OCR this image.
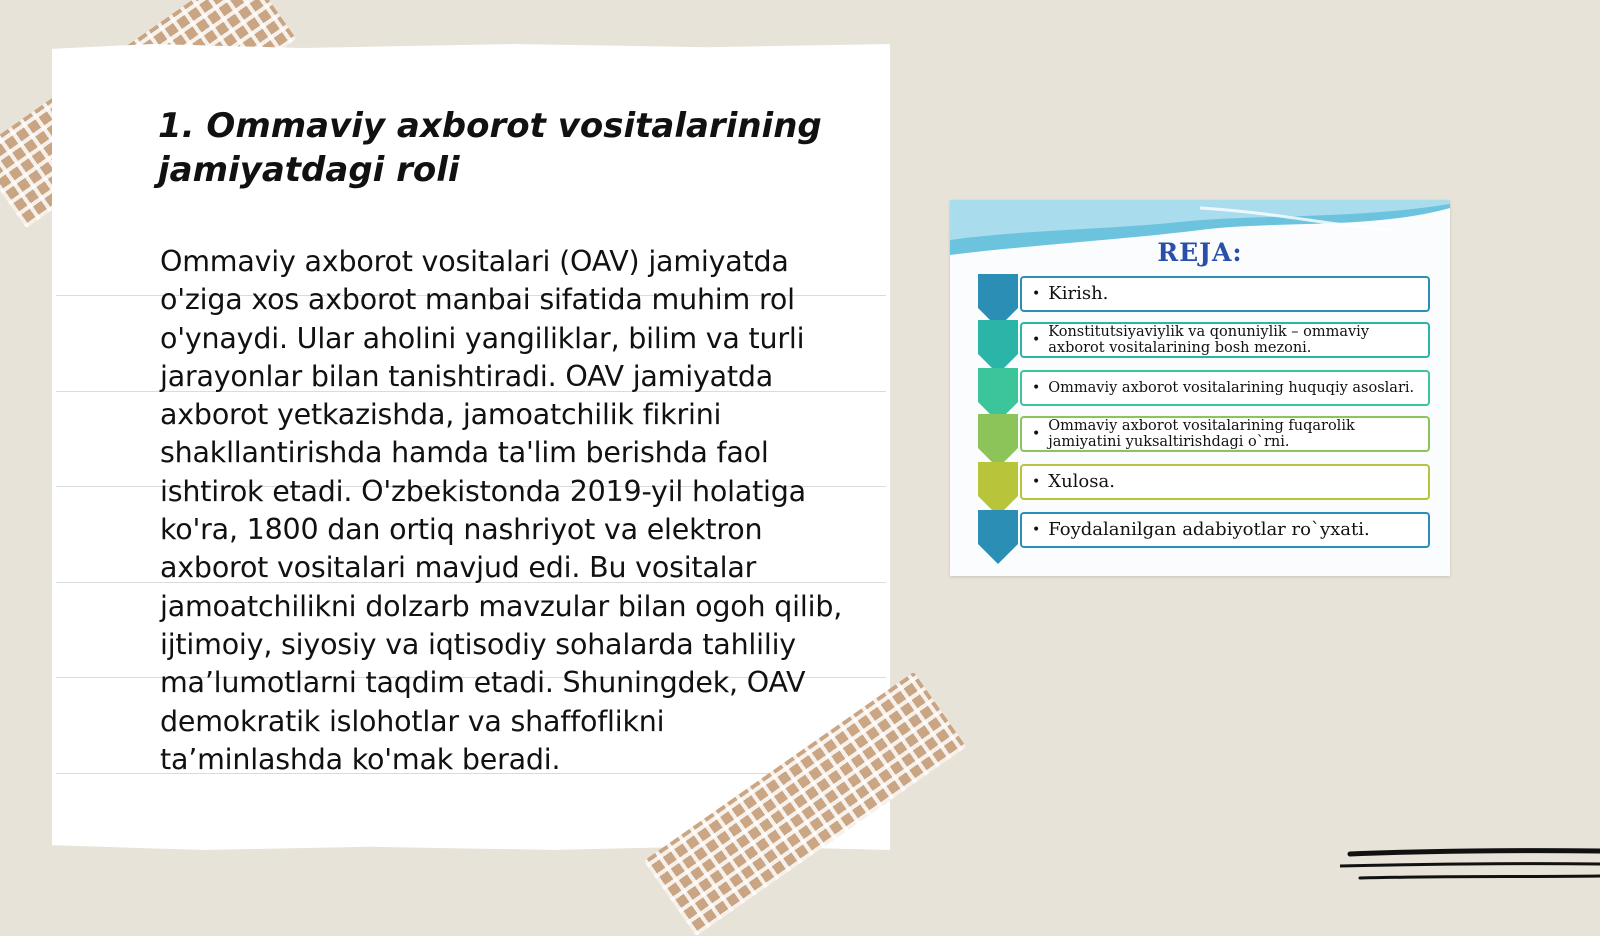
1. Ommaviy axborot vositalarining jamiyatdagi roli

Ommaviy axborot vositalari (OAV) jamiyatda o'ziga xos axborot manbai sifatida muhim rol o'ynaydi. Ular aholini yangiliklar, bilim va turli jarayonlar bilan tanishtiradi. OAV jamiyatda axborot yetkazishda, jamoatchilik fikrini shakllantirishda hamda ta'lim berishda faol ishtirok etadi. O'zbekistonda 2019-yil holatiga ko'ra, 1800 dan ortiq nashriyot va elektron axborot vositalari mavjud edi. Bu vositalar jamoatchilikni dolzarb mavzular bilan ogoh qilib, ijtimoiy, siyosiy va iqtisodiy sohalarda tahliliy ma’lumotlarni taqdim etadi. Shuningdek, OAV demokratik islohotlar va shaffoflikni ta’minlashda ko'mak beradi.

REJA:

• Kirish.
• Konstitutsiyaviylik va qonuniylik – ommaviy axborot vositalarining bosh mezoni.
• Ommaviy axborot vositalarining huquqiy asoslari.
• Ommaviy axborot vositalarining fuqarolik jamiyatini yuksaltirishdagi o`rni.
• Xulosa.
• Foydalanilgan adabiyotlar ro`yxati.
